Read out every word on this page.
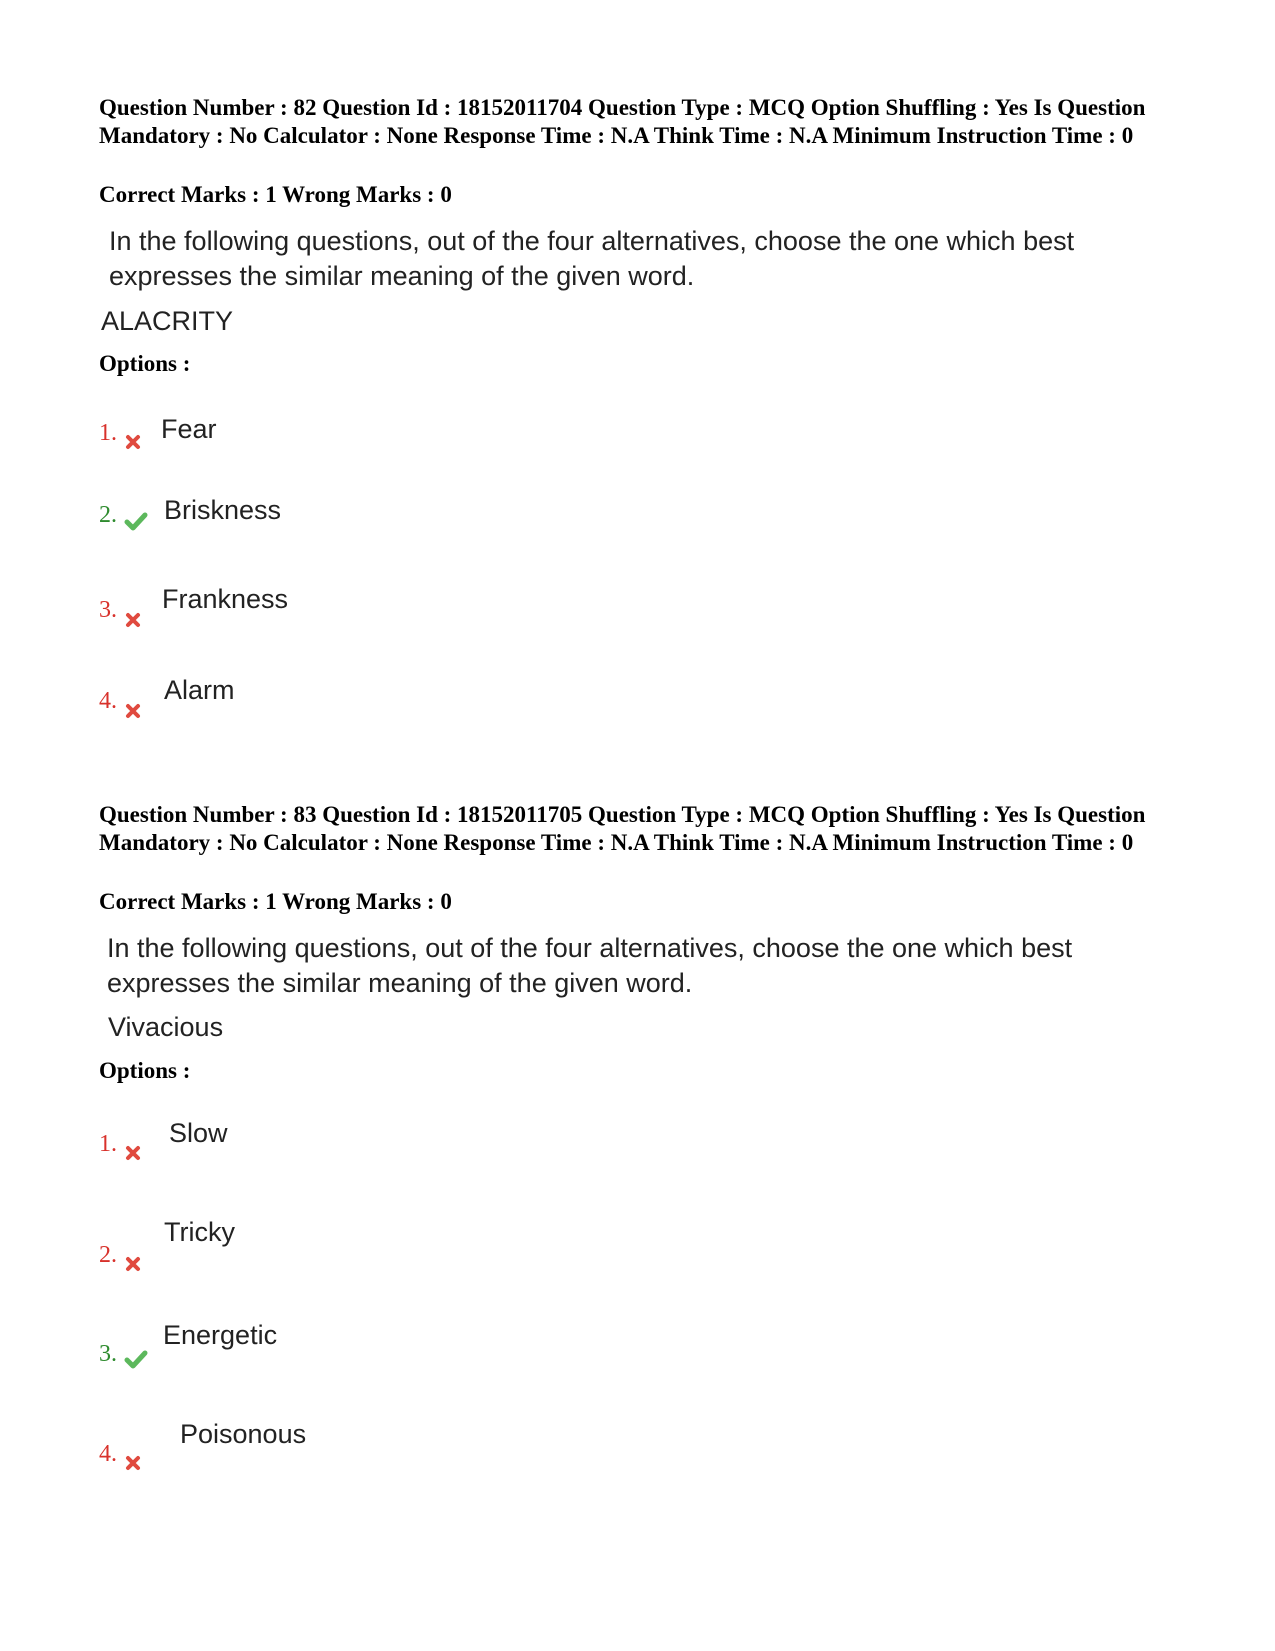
Question Number : 82 Question Id : 18152011704 Question Type : MCQ Option Shuffling : Yes Is Question Mandatory : No Calculator : None Response Time : N.A Think Time : N.A Minimum Instruction Time : 0

Correct Marks : 1 Wrong Marks : 0

In the following questions, out of the four alternatives, choose the one which best expresses the similar meaning of the given word.

ALACRITY
Options :
1. Fear
2. Briskness
3. Frankness
4. Alarm

Question Number : 83 Question Id : 18152011705 Question Type : MCQ Option Shuffling : Yes Is Question Mandatory : No Calculator : None Response Time : N.A Think Time : N.A Minimum Instruction Time : 0

Correct Marks : 1 Wrong Marks : 0

In the following questions, out of the four alternatives, choose the one which best expresses the similar meaning of the given word.

Vivacious
Options :
1. Slow
2.
Tricky
3.
Energetic
4.
Poisonous
